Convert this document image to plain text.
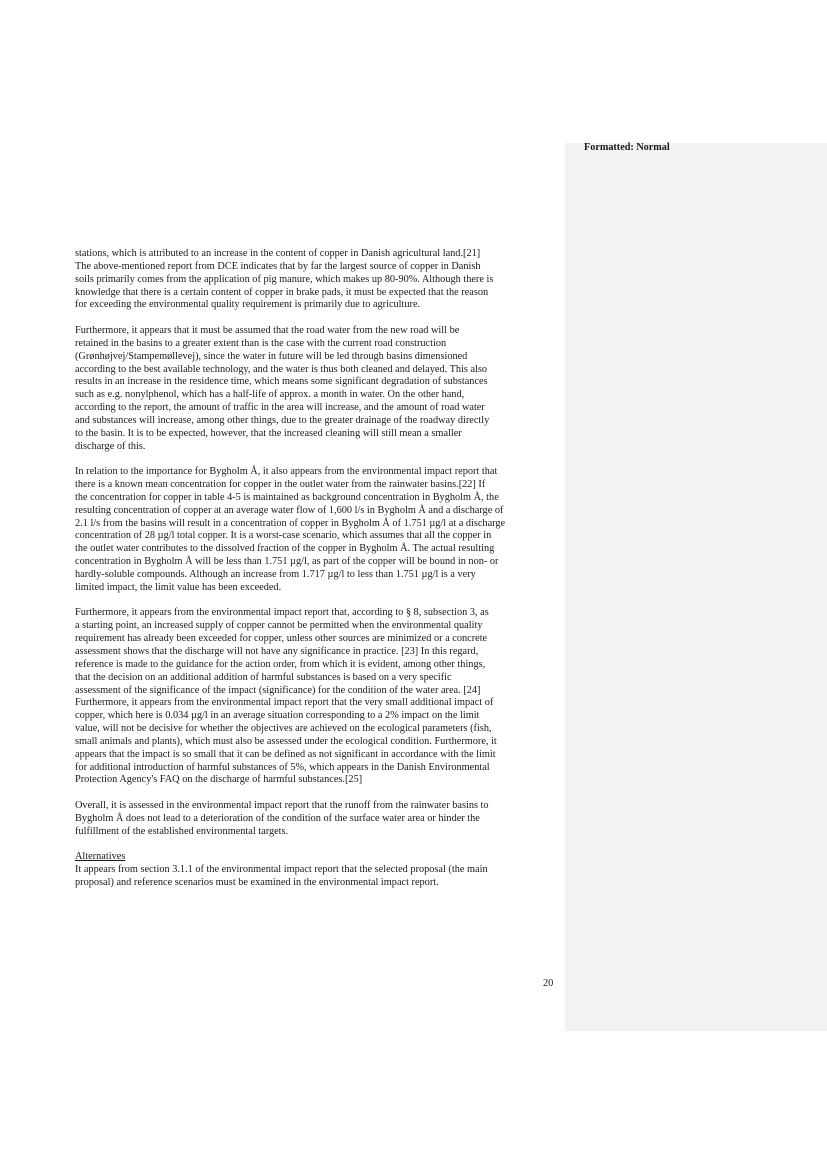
Formatted: Normal
stations, which is attributed to an increase in the content of copper in Danish agricultural land.[21]
The above-mentioned report from DCE indicates that by far the largest source of copper in Danish
soils primarily comes from the application of pig manure, which makes up 80-90%. Although there is
knowledge that there is a certain content of copper in brake pads, it must be expected that the reason
for exceeding the environmental quality requirement is primarily due to agriculture.
Furthermore, it appears that it must be assumed that the road water from the new road will be
retained in the basins to a greater extent than is the case with the current road construction
(Grønhøjvej/Stampemøllevej), since the water in future will be led through basins dimensioned
according to the best available technology, and the water is thus both cleaned and delayed. This also
results in an increase in the residence time, which means some significant degradation of substances
such as e.g. nonylphenol, which has a half-life of approx. a month in water. On the other hand,
according to the report, the amount of traffic in the area will increase, and the amount of road water
and substances will increase, among other things, due to the greater drainage of the roadway directly
to the basin. It is to be expected, however, that the increased cleaning will still mean a smaller
discharge of this.
In relation to the importance for Bygholm Å, it also appears from the environmental impact report that
there is a known mean concentration for copper in the outlet water from the rainwater basins.[22] If
the concentration for copper in table 4-5 is maintained as background concentration in Bygholm Å, the
resulting concentration of copper at an average water flow of 1,600 l/s in Bygholm Å and a discharge of
2.1 l/s from the basins will result in a concentration of copper in Bygholm Å of 1.751 µg/l at a discharge
concentration of 28 µg/l total copper. It is a worst-case scenario, which assumes that all the copper in
the outlet water contributes to the dissolved fraction of the copper in Bygholm Å. The actual resulting
concentration in Bygholm Å will be less than 1.751 µg/l, as part of the copper will be bound in non- or
hardly-soluble compounds. Although an increase from 1.717 µg/l to less than 1.751 µg/l is a very
limited impact, the limit value has been exceeded.
Furthermore, it appears from the environmental impact report that, according to § 8, subsection 3, as
a starting point, an increased supply of copper cannot be permitted when the environmental quality
requirement has already been exceeded for copper, unless other sources are minimized or a concrete
assessment shows that the discharge will not have any significance in practice. [23] In this regard,
reference is made to the guidance for the action order, from which it is evident, among other things,
that the decision on an additional addition of harmful substances is based on a very specific
assessment of the significance of the impact (significance) for the condition of the water area. [24]
Furthermore, it appears from the environmental impact report that the very small additional impact of
copper, which here is 0.034 µg/l in an average situation corresponding to a 2% impact on the limit
value, will not be decisive for whether the objectives are achieved on the ecological parameters (fish,
small animals and plants), which must also be assessed under the ecological condition. Furthermore, it
appears that the impact is so small that it can be defined as not significant in accordance with the limit
for additional introduction of harmful substances of 5%, which appears in the Danish Environmental
Protection Agency's FAQ on the discharge of harmful substances.[25]
Overall, it is assessed in the environmental impact report that the runoff from the rainwater basins to
Bygholm Å does not lead to a deterioration of the condition of the surface water area or hinder the
fulfillment of the established environmental targets.
Alternatives
It appears from section 3.1.1 of the environmental impact report that the selected proposal (the main
proposal) and reference scenarios must be examined in the environmental impact report.
20
